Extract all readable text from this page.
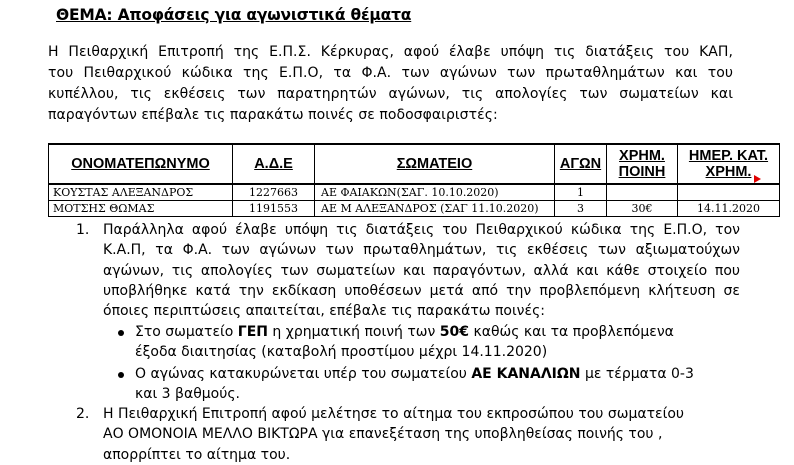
ΘΕΜΑ: Αποφάσεις για αγωνιστικά θέματα
Η Πειθαρχική Επιτροπή της Ε.Π.Σ. Κέρκυρας, αφού έλαβε υπόψη τις διατάξεις του ΚΑΠ,
του Πειθαρχικού κώδικα της Ε.Π.Ο, τα Φ.Α. των αγώνων των πρωταθλημάτων και του
κυπέλλου, τις εκθέσεις των παρατηρητών αγώνων, τις απολογίες των σωματείων και
παραγόντων επέβαλε τις παρακάτω ποινές σε ποδοσφαιριστές:
ΟΝΟΜΑΤΕΠΩΝΥΜΟ	Α.Δ.Ε	ΣΩΜΑΤΕΙΟ	ΑΓΩΝ	ΧΡΗΜ. ΠΟΙΝΗ	ΗΜΕΡ. ΚΑΤ. ΧΡΗΜ.
ΚΟΥΣΤΑΣ ΑΛΕΞΑΝΔΡΟΣ	1227663	ΑΕ ΦΑΙΑΚΩΝ(ΣΑΓ. 10.10.2020)	1		
ΜΟΤΣΗΣ ΘΩΜΑΣ	1191553	ΑΕ Μ ΑΛΕΞΑΝΔΡΟΣ (ΣΑΓ 11.10.2020)	3	30€	14.11.2020
1. Παράλληλα αφού έλαβε υπόψη τις διατάξεις του Πειθαρχικού κώδικα της Ε.Π.Ο, τον
Κ.Α.Π, τα Φ.Α. των αγώνων των πρωταθλημάτων, τις εκθέσεις των αξιωματούχων
αγώνων, τις απολογίες των σωματείων και παραγόντων, αλλά και κάθε στοιχείο που
υποβλήθηκε κατά την εκδίκαση υποθέσεων μετά από την προβλεπόμενη κλήτευση σε
όποιες περιπτώσεις απαιτείται, επέβαλε τις παρακάτω ποινές:
Στο σωματείο ΓΕΠ η χρηματική ποινή των 50€ καθώς και τα προβλεπόμενα
έξοδα διαιτησίας (καταβολή προστίμου μέχρι 14.11.2020)
Ο αγώνας κατακυρώνεται υπέρ του σωματείου ΑΕ ΚΑΝΑΛΙΩΝ με τέρματα 0-3
και 3 βαθμούς.
2. Η Πειθαρχική Επιτροπή αφού μελέτησε το αίτημα του εκπροσώπου του σωματείου
ΑΟ ΟΜΟΝΟΙΑ ΜΕΛΛΟ ΒΙΚΤΩΡΑ για επανεξέταση της υποβληθείσας ποινής του ,
απορρίπτει το αίτημα του.
